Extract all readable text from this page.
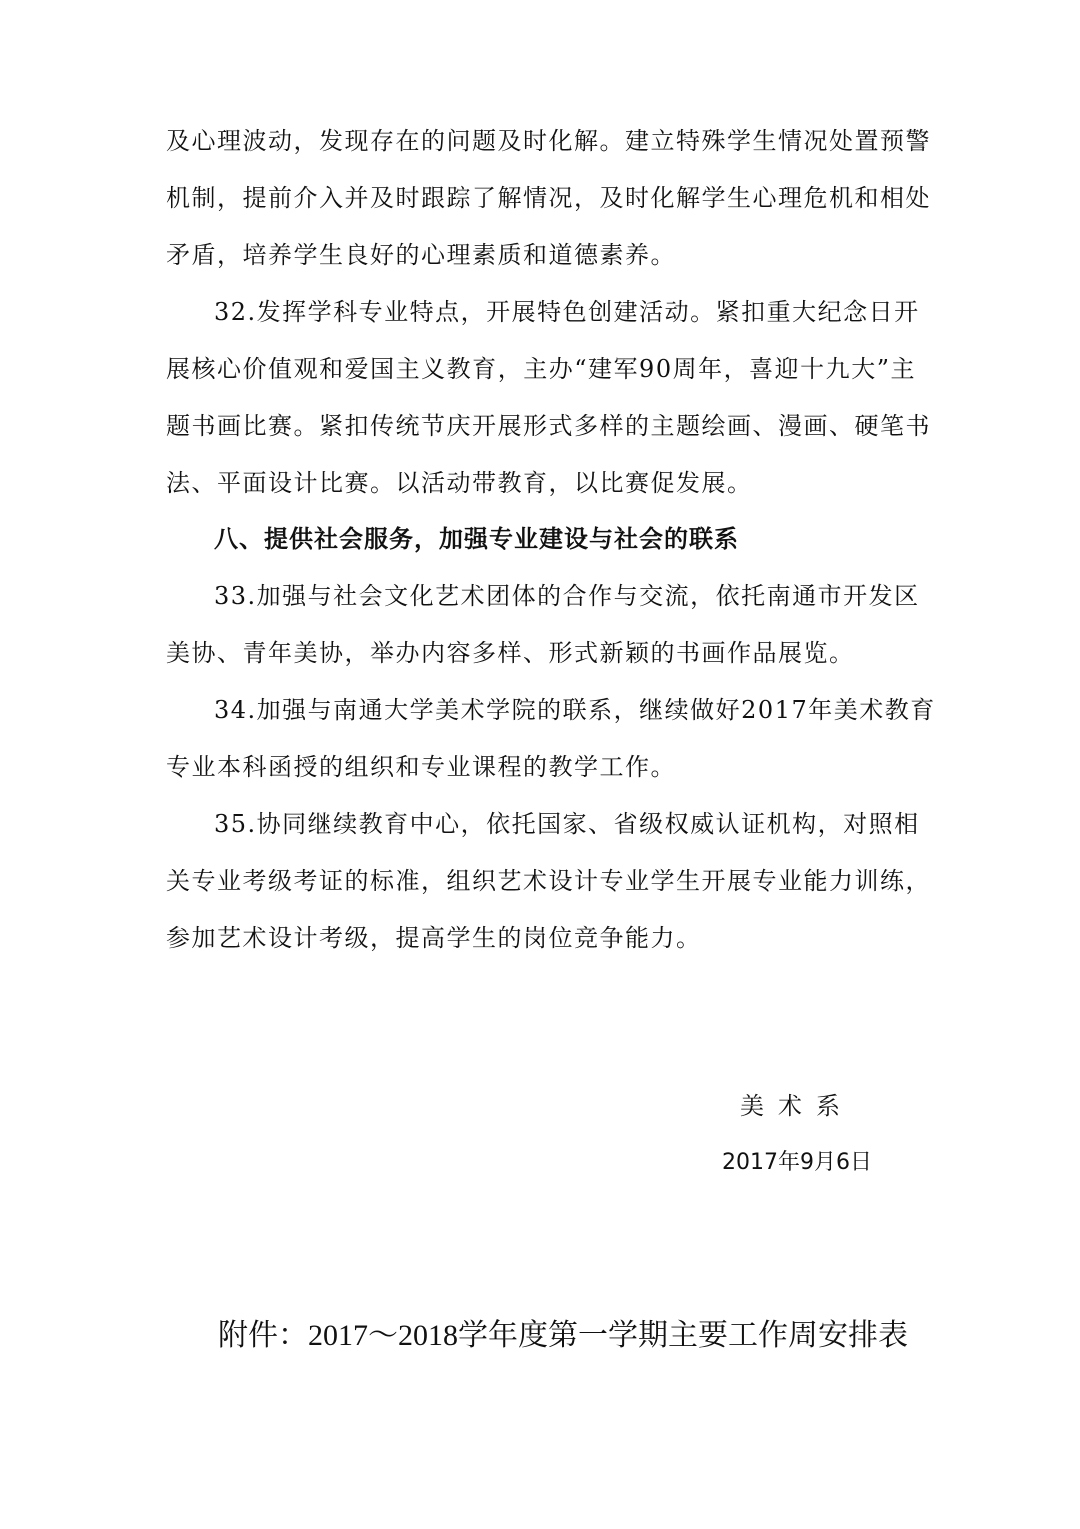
及心理波动，发现存在的问题及时化解。建立特殊学生情况处置预警
机制，提前介入并及时跟踪了解情况，及时化解学生心理危机和相处
矛盾，培养学生良好的心理素质和道德素养。
32.发挥学科专业特点，开展特色创建活动。紧扣重大纪念日开
展核心价值观和爱国主义教育，主办“建军90周年，喜迎十九大”主
题书画比赛。紧扣传统节庆开展形式多样的主题绘画、漫画、硬笔书
法、平面设计比赛。以活动带教育，以比赛促发展。
八、提供社会服务，加强专业建设与社会的联系
33.加强与社会文化艺术团体的合作与交流，依托南通市开发区
美协、青年美协，举办内容多样、形式新颖的书画作品展览。
34.加强与南通大学美术学院的联系，继续做好2017年美术教育
专业本科函授的组织和专业课程的教学工作。
35.协同继续教育中心，依托国家、省级权威认证机构，对照相
关专业考级考证的标准，组织艺术设计专业学生开展专业能力训练，
参加艺术设计考级，提高学生的岗位竞争能力。
美术系
2017年9月6日
附件：2017～2018学年度第一学期主要工作周安排表
